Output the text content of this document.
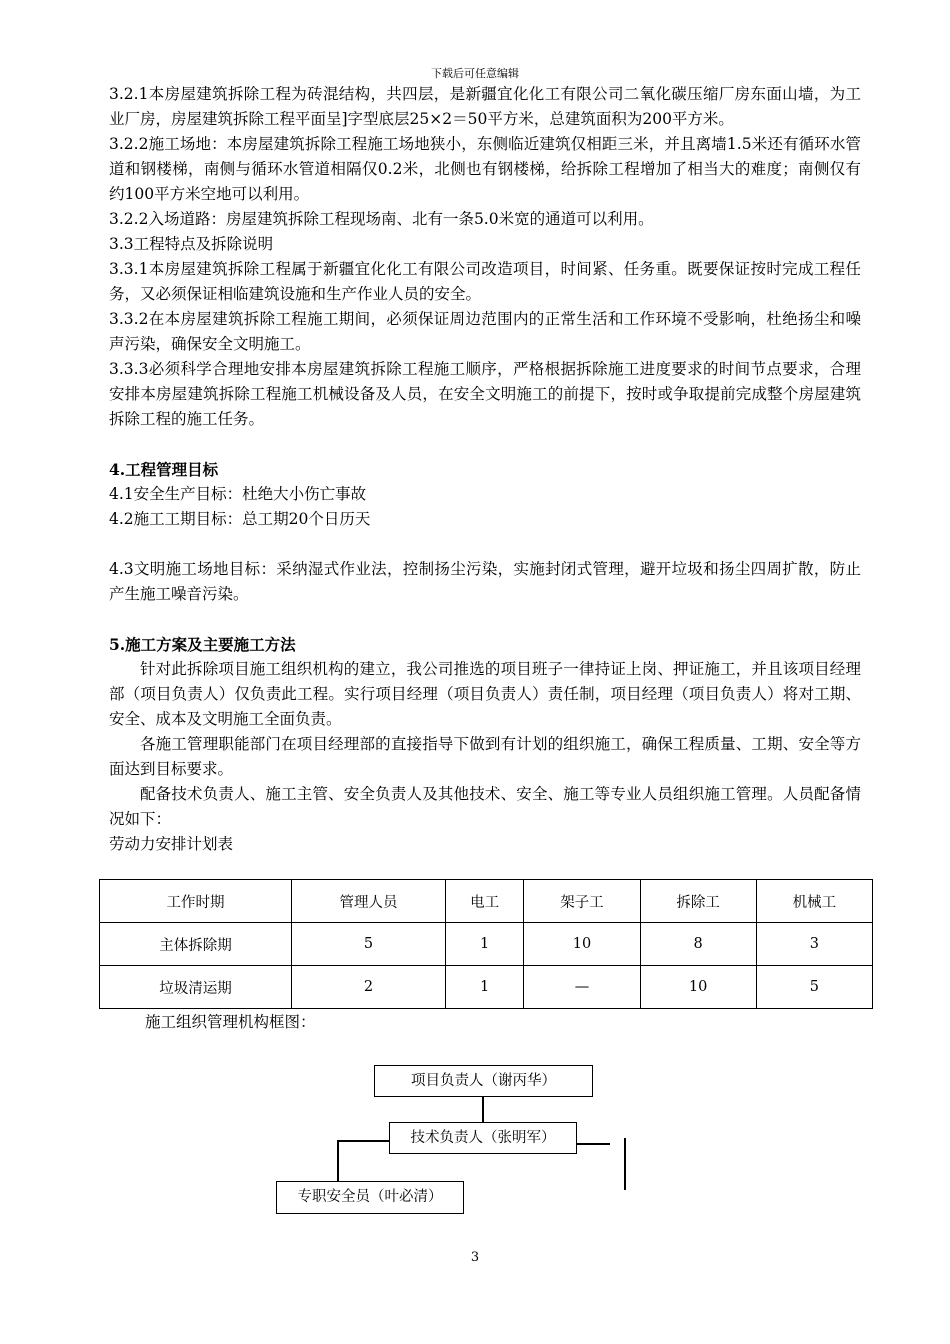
下载后可任意编辑

3.2.1本房屋建筑拆除工程为砖混结构，共四层，是新疆宜化化工有限公司二氧化碳压缩厂房东面山墙，为工业厂房，房屋建筑拆除工程平面呈]字型底层25×2＝50平方米，总建筑面积为200平方米。

3.2.2施工场地：本房屋建筑拆除工程施工场地狭小，东侧临近建筑仅相距三米，并且离墙1.5米还有循环水管道和钢楼梯，南侧与循环水管道相隔仅0.2米，北侧也有钢楼梯，给拆除工程增加了相当大的难度；南侧仅有约100平方米空地可以利用。

3.2.2入场道路：房屋建筑拆除工程现场南、北有一条5.0米宽的通道可以利用。

3.3工程特点及拆除说明

3.3.1本房屋建筑拆除工程属于新疆宜化化工有限公司改造项目，时间紧、任务重。既要保证按时完成工程任务，又必须保证相临建筑设施和生产作业人员的安全。

3.3.2在本房屋建筑拆除工程施工期间，必须保证周边范围内的正常生活和工作环境不受影响，杜绝扬尘和噪声污染，确保安全文明施工。

3.3.3必须科学合理地安排本房屋建筑拆除工程施工顺序，严格根据拆除施工进度要求的时间节点要求，合理安排本房屋建筑拆除工程施工机械设备及人员，在安全文明施工的前提下，按时或争取提前完成整个房屋建筑拆除工程的施工任务。

4.工程管理目标

4.1安全生产目标：杜绝大小伤亡事故

4.2施工工期目标：总工期20个日历天

4.3文明施工场地目标：采纳湿式作业法，控制扬尘污染，实施封闭式管理，避开垃圾和扬尘四周扩散，防止产生施工噪音污染。

5.施工方案及主要施工方法

针对此拆除项目施工组织机构的建立，我公司推选的项目班子一律持证上岗、押证施工，并且该项目经理部（项目负责人）仅负责此工程。实行项目经理（项目负责人）责任制，项目经理（项目负责人）将对工期、安全、成本及文明施工全面负责。

各施工管理职能部门在项目经理部的直接指导下做到有计划的组织施工，确保工程质量、工期、安全等方面达到目标要求。

配备技术负责人、施工主管、安全负责人及其他技术、安全、施工等专业人员组织施工管理。人员配备情况如下：

劳动力安排计划表

工作时期	管理人员	电工	架子工	拆除工	机械工
主体拆除期	5	1	10	8	3
垃圾清运期	2	1	—	10	5
施工组织管理机构框图：
项目负责人（谢丙华）
技术负责人（张明军）
专职安全员（叶必清）
3
